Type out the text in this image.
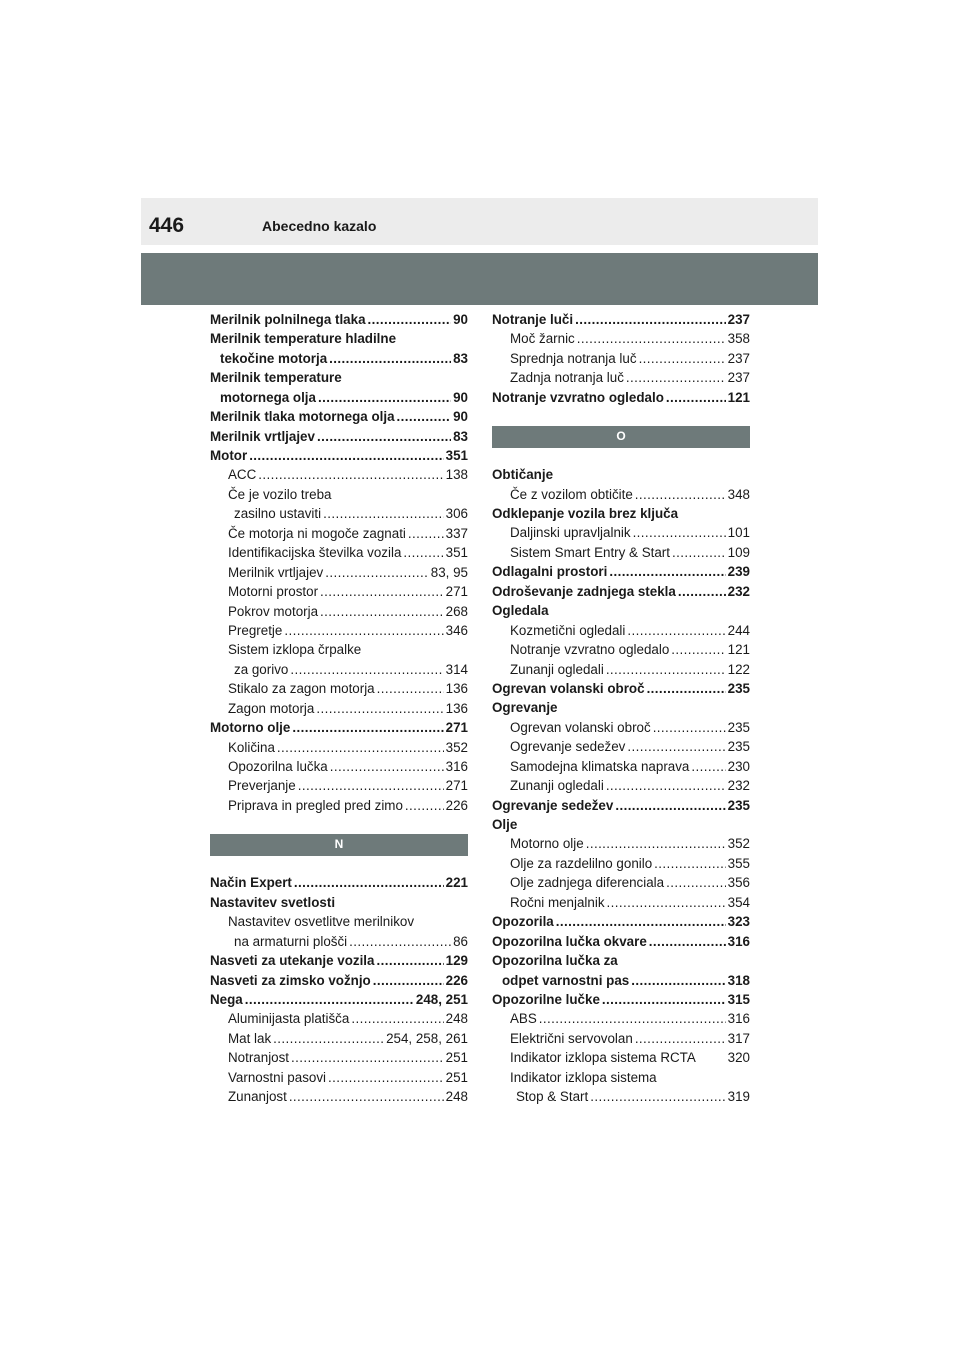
446	Abecedno kazalo
Merilnik polnilnega tlaka .....	90
Merilnik temperature hladilne
tekočine motorja .....	83
Merilnik temperature
motornega olja .....	90
Merilnik tlaka motornega olja .....	90
Merilnik vrtljajev .....	83
Motor .....	351
ACC .....	138
Če je vozilo treba
zasilno ustaviti .....	306
Če motorja ni mogoče zagnati .....	337
Identifikacijska številka vozila .....	351
Merilnik vrtljajev .....	83, 95
Motorni prostor .....	271
Pokrov motorja .....	268
Pregretje .....	346
Sistem izklopa črpalke
za gorivo .....	314
Stikalo za zagon motorja .....	136
Zagon motorja .....	136
Motorno olje .....	271
Količina .....	352
Opozorilna lučka .....	316
Preverjanje .....	271
Priprava in pregled pred zimo .....	226
N
Način Expert .....	221
Nastavitev svetlosti
Nastavitev osvetlitve merilnikov
na armaturni plošči .....	86
Nasveti za utekanje vozila .....	129
Nasveti za zimsko vožnjo .....	226
Nega .....	248, 251
Aluminijasta platišča .....	248
Mat lak .....	254, 258, 261
Notranjost .....	251
Varnostni pasovi .....	251
Zunanjost .....	248
Notranje luči .....	237
Moč žarnic .....	358
Sprednja notranja luč .....	237
Zadnja notranja luč .....	237
Notranje vzvratno ogledalo .....	121
O
Obtičanje
Če z vozilom obtičite .....	348
Odklepanje vozila brez ključa
Daljinski upravljalnik .....	101
Sistem Smart Entry & Start .....	109
Odlagalni prostori .....	239
Odroševanje zadnjega stekla .....	232
Ogledala
Kozmetični ogledali .....	244
Notranje vzvratno ogledalo .....	121
Zunanji ogledali .....	122
Ogrevan volanski obroč .....	235
Ogrevanje
Ogrevan volanski obroč .....	235
Ogrevanje sedežev .....	235
Samodejna klimatska naprava .....	230
Zunanji ogledali .....	232
Ogrevanje sedežev .....	235
Olje
Motorno olje .....	352
Olje za razdelilno gonilo .....	355
Olje zadnjega diferenciala .....	356
Ročni menjalnik .....	354
Opozorila .....	323
Opozorilna lučka okvare .....	316
Opozorilna lučka za
odpet varnostni pas .....	318
Opozorilne lučke .....	315
ABS .....	316
Električni servovolan .....	317
Indikator izklopa sistema RCTA 320
Indikator izklopa sistema
Stop & Start .....	319
